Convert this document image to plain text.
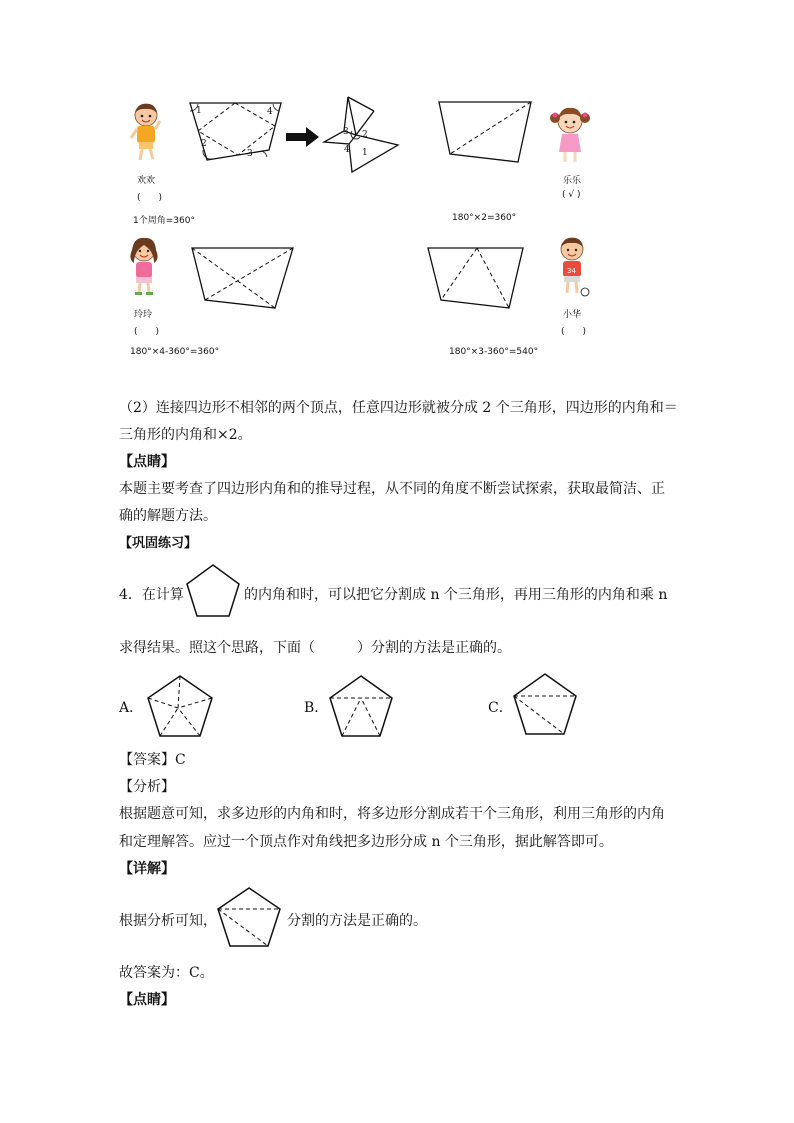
欢欢
(　　)
1个周角=360°
1	4
3
2
3 2
4 1
乐乐
( √ )
180°×2=360°
玲玲
(　　)
180°×4-360°=360°
34
小华
(　　)
180°×3-360°=540°
（2）连接四边形不相邻的两个顶点，任意四边形就被分成 2 个三角形，四边形的内角和＝
三角形的内角和×2。
【点睛】
本题主要考查了四边形内角和的推导过程，从不同的角度不断尝试探索，获取最简洁、正
确的解题方法。
【巩固练习】
4．在计算	的内角和时，可以把它分割成 n 个三角形，再用三角形的内角和乘 n
求得结果。照这个思路，下面（　　　）分割的方法是正确的。
A．	B．	C．
【答案】C
【分析】
根据题意可知，求多边形的内角和时，将多边形分割成若干个三角形，利用三角形的内角
和定理解答。应过一个顶点作对角线把多边形分成 n 个三角形，据此解答即可。
【详解】
根据分析可知，	分割的方法是正确的。
故答案为：C。
【点睛】
